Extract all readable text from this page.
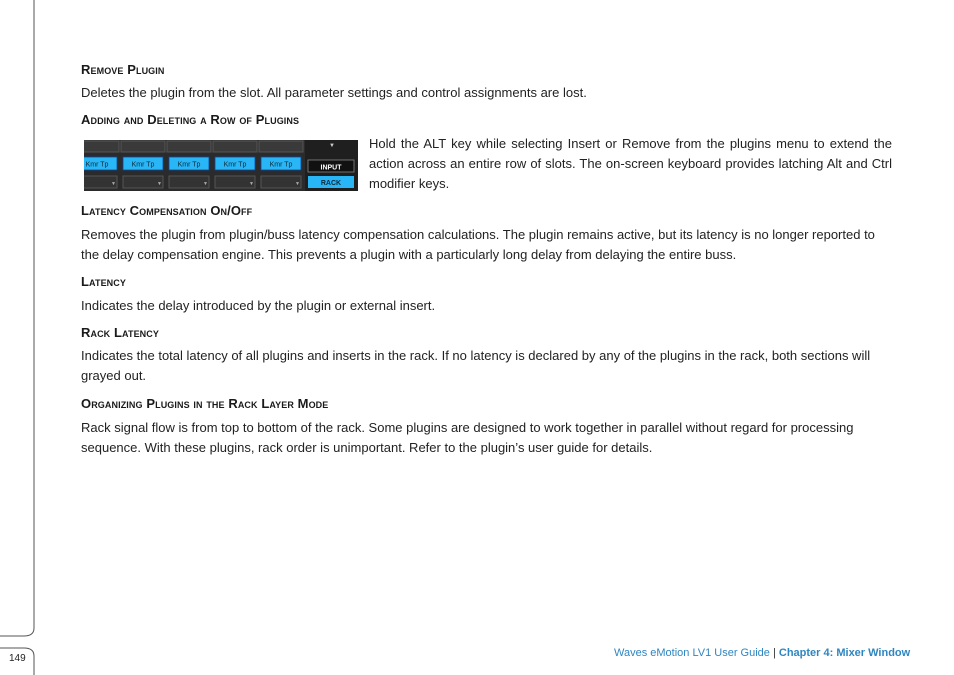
149
Remove Plugin

Deletes the plugin from the slot. All parameter settings and control assignments are lost.

Adding and Deleting a Row of Plugins
Kmr Tp
▼
Kmr Tp
▼
Kmr Tp
▼
Kmr Tp
▼
Kmr Tp
▼
INPUT
RACK
▼	Hold the ALT key while selecting Insert or Remove from the plugins menu to extend the action across an entire row of slots. The on-screen keyboard provides latching Alt and Ctrl modifier keys.
Latency Compensation On/Off

Removes the plugin from plugin/buss latency compensation calculations. The plugin remains active, but its latency is no longer reported to the delay compensation engine. This prevents a plugin with a particularly long delay from delaying the entire buss.

Latency

Indicates the delay introduced by the plugin or external insert.

Rack Latency

Indicates the total latency of all plugins and inserts in the rack. If no latency is declared by any of the plugins in the rack, both sections will grayed out.

Organizing Plugins in the Rack Layer Mode

Rack signal flow is from top to bottom of the rack. Some plugins are designed to work together in parallel without regard for processing sequence. With these plugins, rack order is unimportant. Refer to the plugin’s user guide for details.

Waves eMotion LV1 User Guide | Chapter 4: Mixer Window
